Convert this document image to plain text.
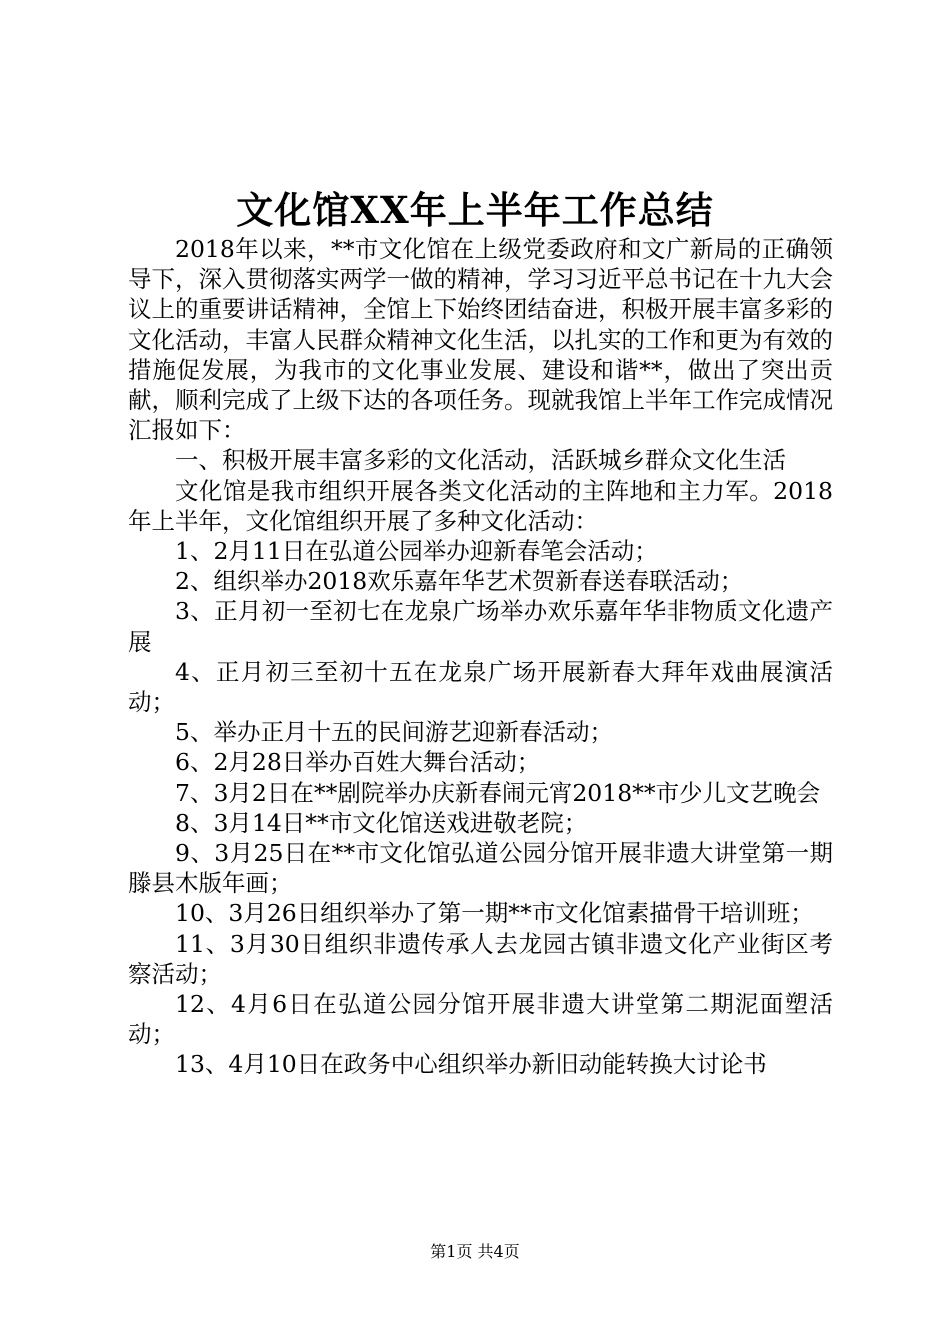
文化馆XX年上半年工作总结

2018年以来，**市文化馆在上级党委政府和文广新局的正确领导下，深入贯彻落实两学一做的精神，学习习近平总书记在十九大会议上的重要讲话精神，全馆上下始终团结奋进，积极开展丰富多彩的文化活动，丰富人民群众精神文化生活，以扎实的工作和更为有效的措施促发展，为我市的文化事业发展、建设和谐**，做出了突出贡献，顺利完成了上级下达的各项任务。现就我馆上半年工作完成情况汇报如下：

一、积极开展丰富多彩的文化活动，活跃城乡群众文化生活

文化馆是我市组织开展各类文化活动的主阵地和主力军。2018年上半年，文化馆组织开展了多种文化活动：

1、2月11日在弘道公园举办迎新春笔会活动；

2、组织举办2018欢乐嘉年华艺术贺新春送春联活动；

3、正月初一至初七在龙泉广场举办欢乐嘉年华非物质文化遗产展

4、正月初三至初十五在龙泉广场开展新春大拜年戏曲展演活动；

5、举办正月十五的民间游艺迎新春活动；

6、2月28日举办百姓大舞台活动；

7、3月2日在**剧院举办庆新春闹元宵2018**市少儿文艺晚会

8、3月14日**市文化馆送戏进敬老院；

9、3月25日在**市文化馆弘道公园分馆开展非遗大讲堂第一期滕县木版年画；

10、3月26日组织举办了第一期**市文化馆素描骨干培训班；

11、3月30日组织非遗传承人去龙园古镇非遗文化产业街区考察活动；

12、4月6日在弘道公园分馆开展非遗大讲堂第二期泥面塑活动；

13、4月10日在政务中心组织举办新旧动能转换大讨论书

第1页 共4页
